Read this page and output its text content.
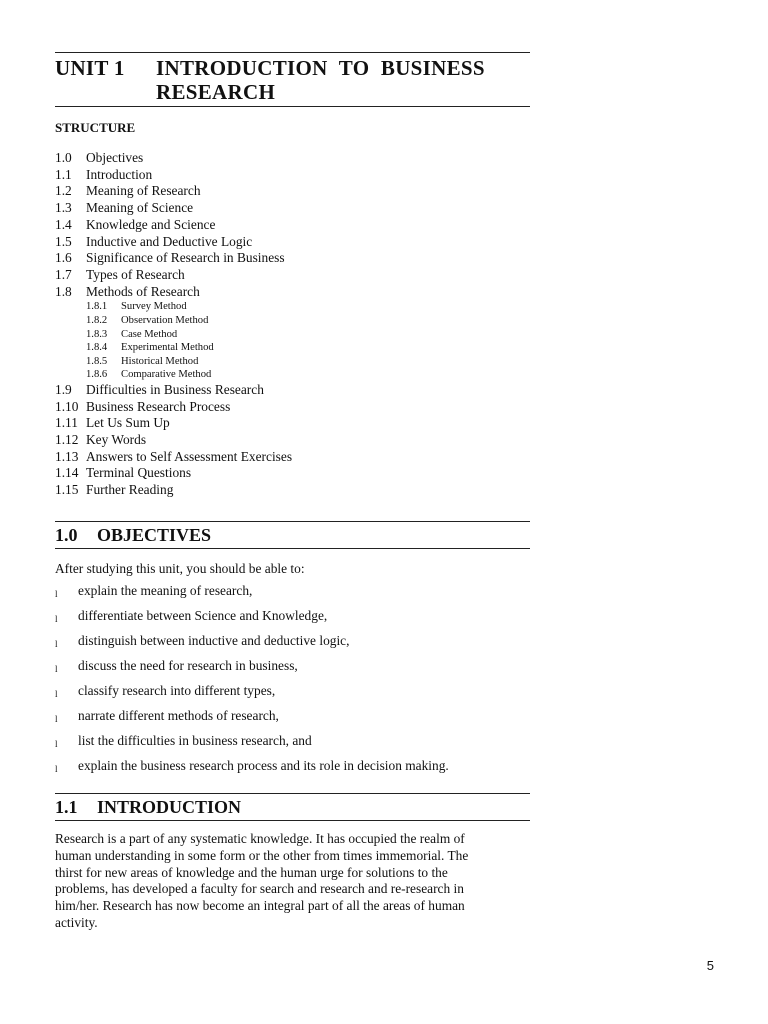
UNIT 1	INTRODUCTION TO BUSINESS RESEARCH
STRUCTURE
1.0	Objectives
1.1	Introduction
1.2	Meaning of Research
1.3	Meaning of Science
1.4	Knowledge and Science
1.5	Inductive and Deductive Logic
1.6	Significance of Research in Business
1.7	Types of Research
1.8	Methods of Research
1.8.1	Survey Method
1.8.2	Observation Method
1.8.3	Case Method
1.8.4	Experimental Method
1.8.5	Historical Method
1.8.6	Comparative Method
1.9	Difficulties in Business Research
1.10 Business Research Process
1.11 Let Us Sum Up
1.12 Key Words
1.13 Answers to Self Assessment Exercises
1.14 Terminal Questions
1.15 Further Reading
1.0	OBJECTIVES
After studying this unit, you should be able to:
l	explain the meaning of research,
l	differentiate between Science and Knowledge,
l	distinguish between inductive and deductive logic,
l	discuss the need for research in business,
l	classify research into different types,
l	narrate different methods of research,
l	list the difficulties in business research, and
l	explain the business research process and its role in decision making.
1.1	INTRODUCTION
Research is a part of any systematic knowledge. It has occupied the realm of
human understanding in some form or the other from times immemorial. The
thirst for new areas of knowledge and the human urge for solutions to the
problems, has developed a faculty for search and research and re-research in
him/her. Research has now become an integral part of all the areas of human
activity.
5
